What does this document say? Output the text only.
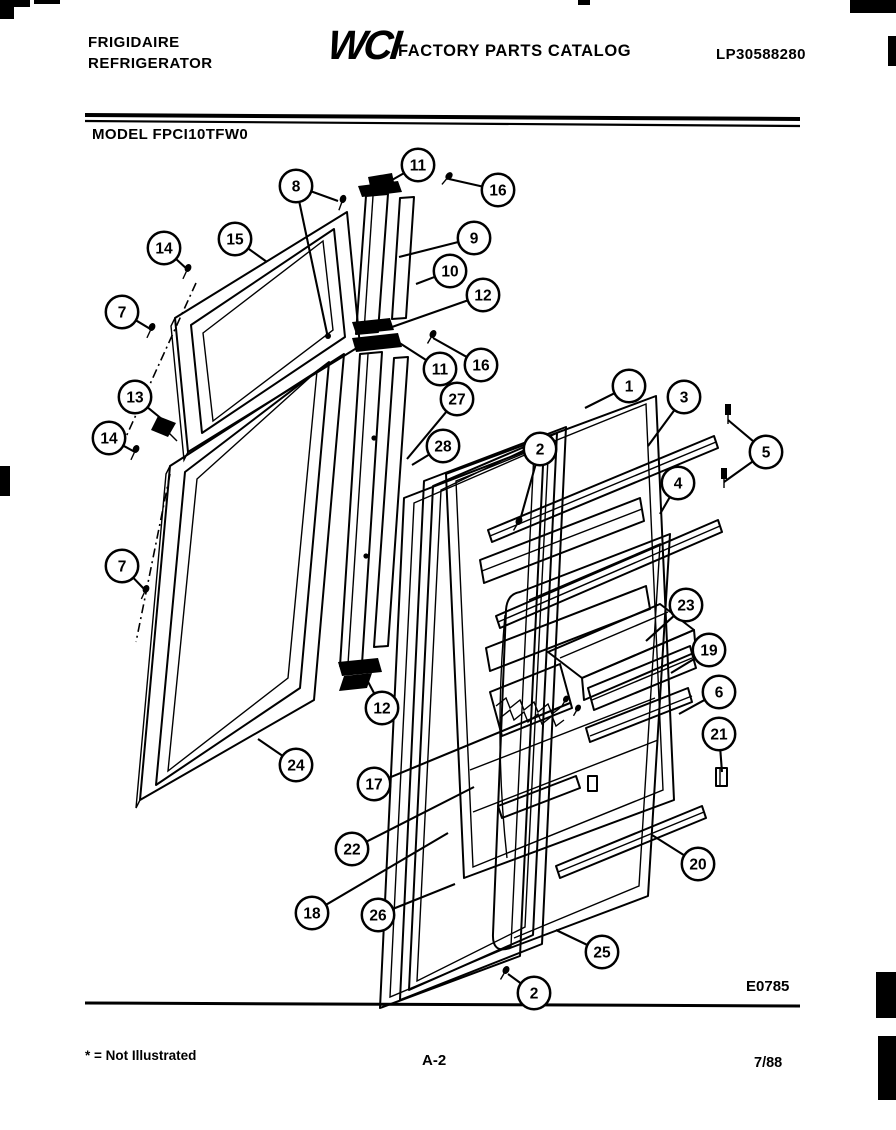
FRIGIDAIRE
REFRIGERATOR	WCI
FACTORY PARTS CATALOG	LP30588280
MODEL FPCI10TFW0
E0785
* = Not Illustrated	A-2	7/88
8
11
16
14
15	9
10
12
7
11 16
13	27
14	28
1
3
2	5
4
7
23
19
6
12
21
24
17
22
20
18	26
25
2
